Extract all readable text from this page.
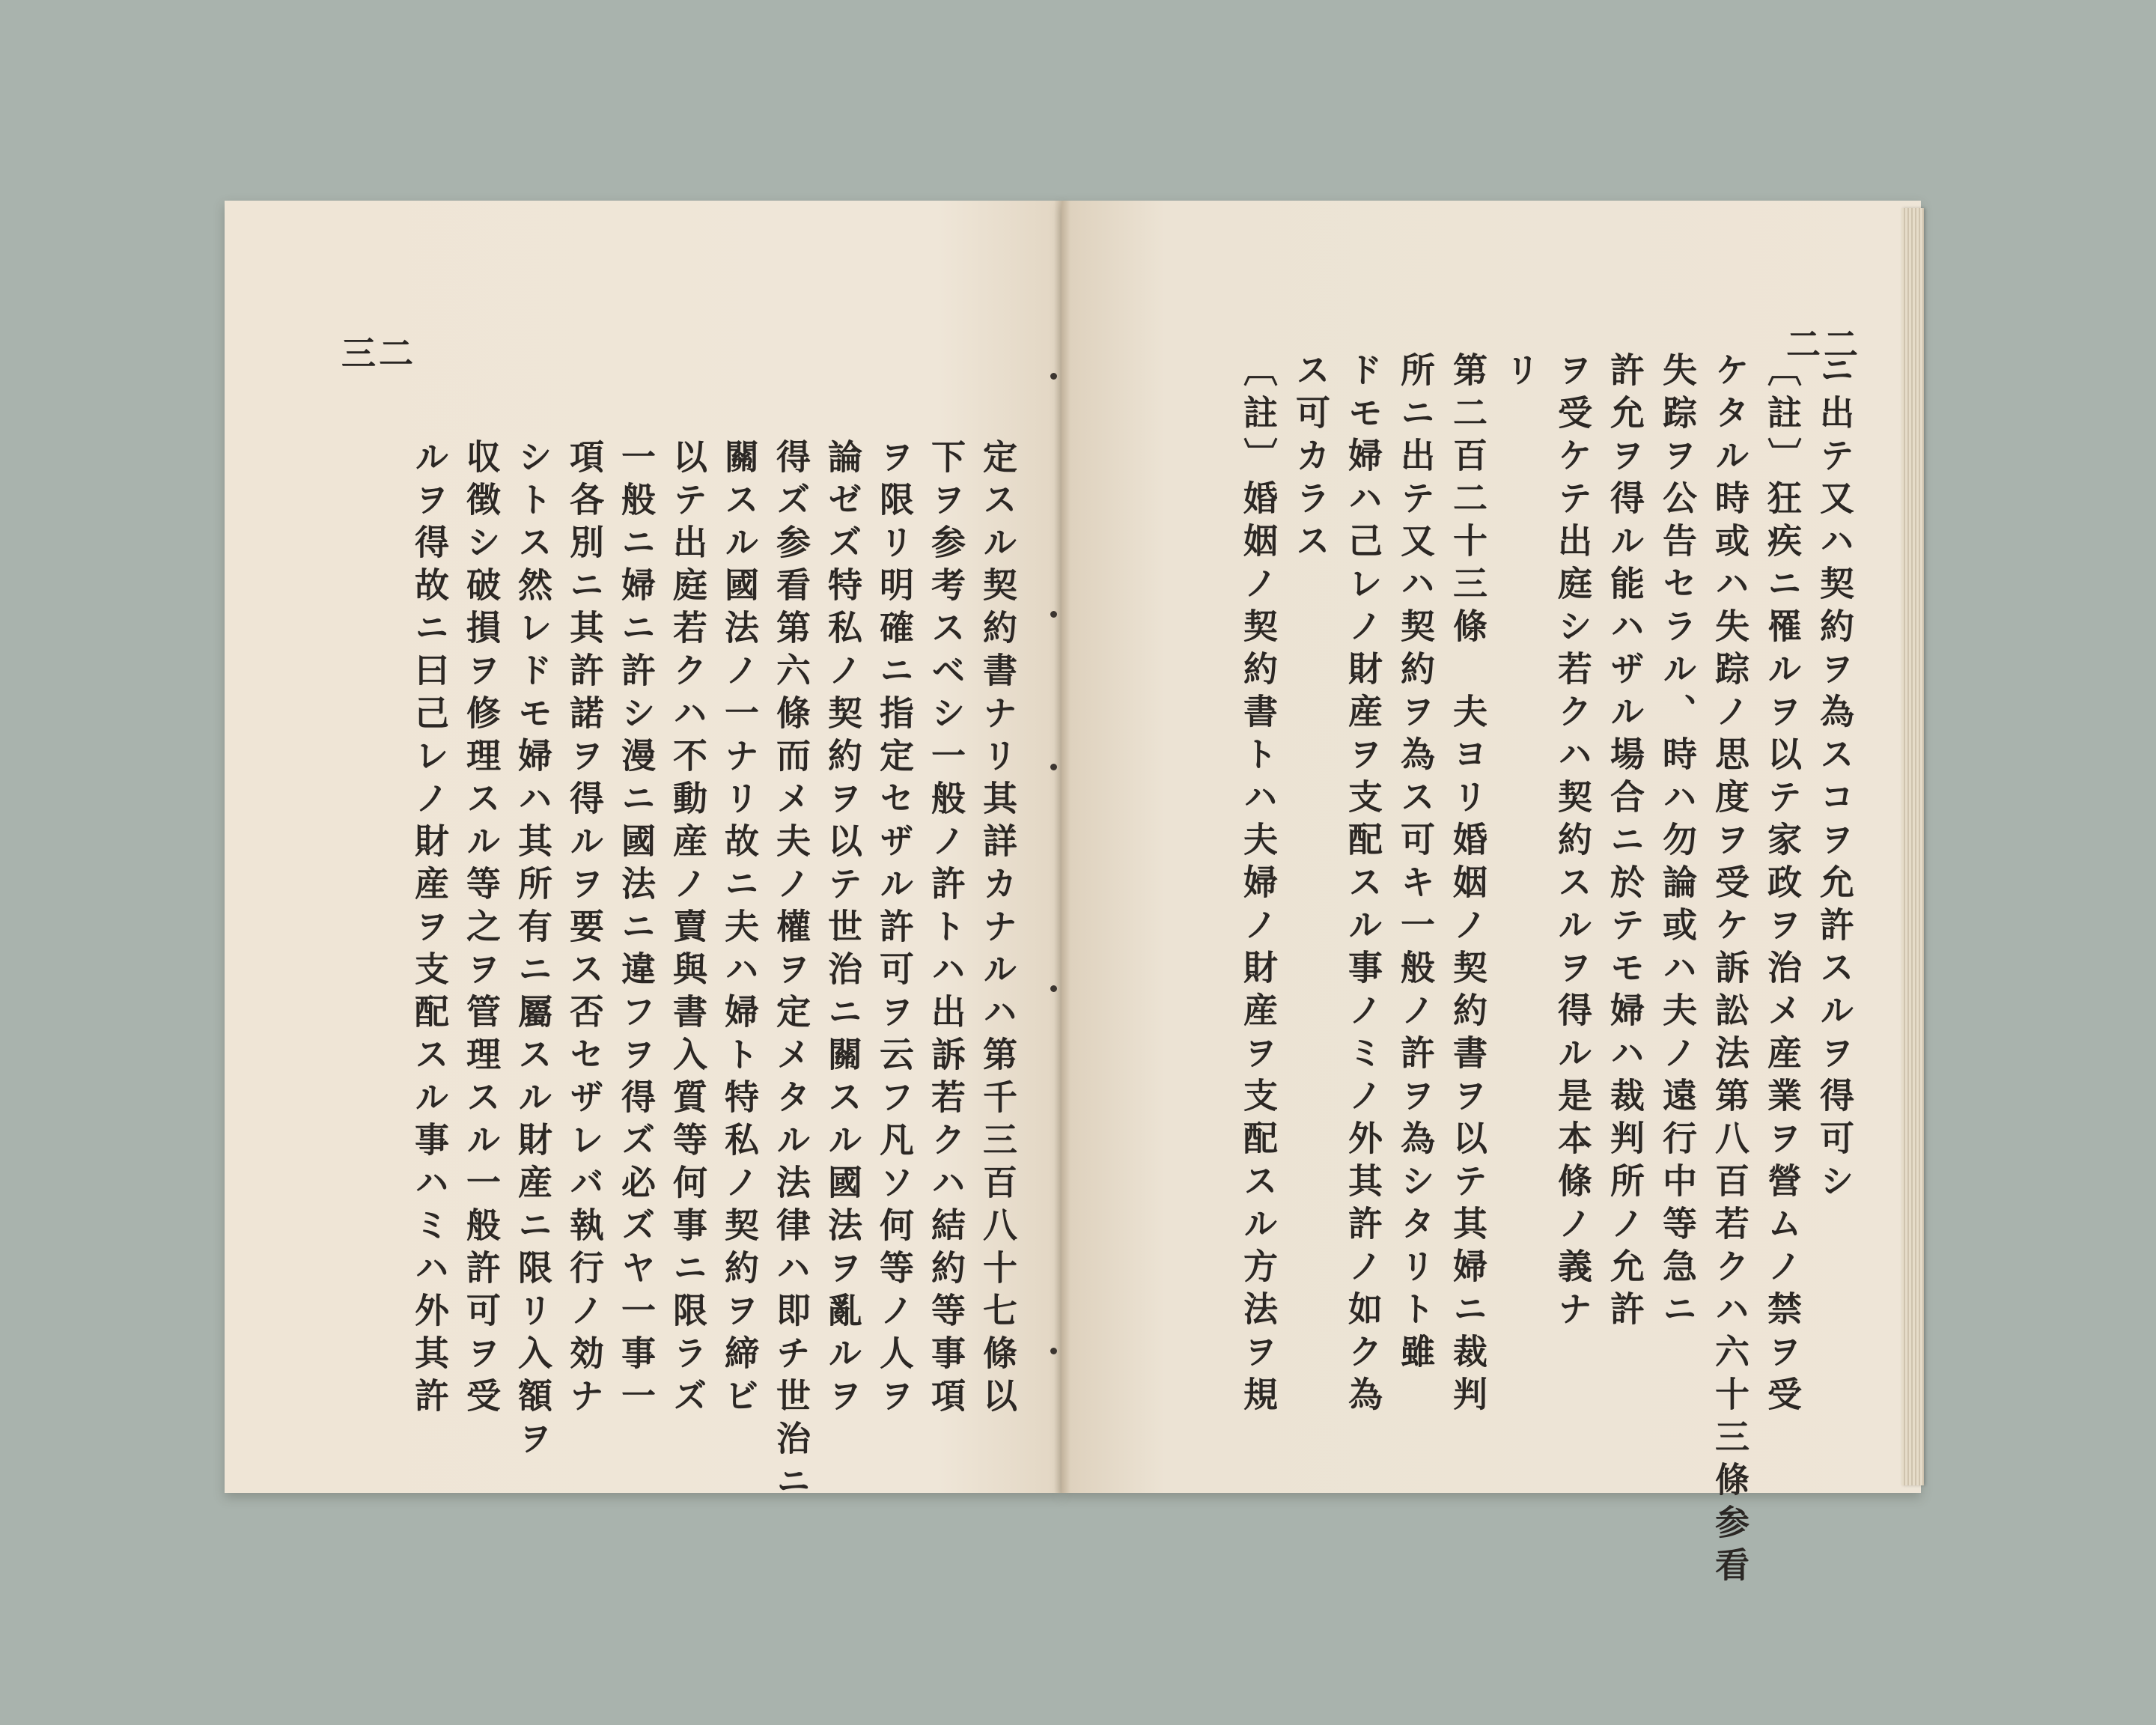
三二
定スル契約書ナリ其詳カナルハ第千三百八十七條以
下ヲ参考スベシ一般ノ許トハ出訴若クハ結約等事項
ヲ限リ明確ニ指定セザル許可ヲ云フ凡ソ何等ノ人ヲ
論ゼズ特私ノ契約ヲ以テ世治ニ關スル國法ヲ亂ルヲ
得ズ参看第六條而メ夫ノ權ヲ定メタル法律ハ即チ世治ニ
關スル國法ノ一ナリ故ニ夫ハ婦ト特私ノ契約ヲ締ビ
以テ出庭若クハ不動産ノ賣與書入質等何事ニ限ラズ
一般ニ婦ニ許シ漫ニ國法ニ違フヲ得ズ必ズヤ一事一
項各別ニ其許諾ヲ得ルヲ要ス否セザレバ執行ノ効ナ
シトス然レドモ婦ハ其所有ニ屬スル財産ニ限リ入額ヲ
収徴シ破損ヲ修理スル等之ヲ管理スル一般許可ヲ受
ルヲ得故ニ曰己レノ財産ヲ支配スル事ハミハ外其許
二二
ニ出テ又ハ契約ヲ為スコヲ允許スルヲ得可シ
〔註〕狂疾ニ罹ルヲ以テ家政ヲ治メ産業ヲ營ムノ禁ヲ受
ケタル時或ハ失踪ノ思度ヲ受ケ訴訟法第八百若クハ六十三條参看
失踪ヲ公告セラル、時ハ勿論或ハ夫ノ遠行中等急ニ
許允ヲ得ル能ハザル場合ニ於テモ婦ハ裁判所ノ允許
ヲ受ケテ出庭シ若クハ契約スルヲ得ル是本條ノ義ナ
リ
第二百二十三條　夫ヨリ婚姻ノ契約書ヲ以テ其婦ニ裁判
所ニ出テ又ハ契約ヲ為ス可キ一般ノ許ヲ為シタリト雖
ドモ婦ハ己レノ財産ヲ支配スル事ノミノ外其許ノ如ク為
ス可カラス
〔註〕婚姻ノ契約書トハ夫婦ノ財産ヲ支配スル方法ヲ規
